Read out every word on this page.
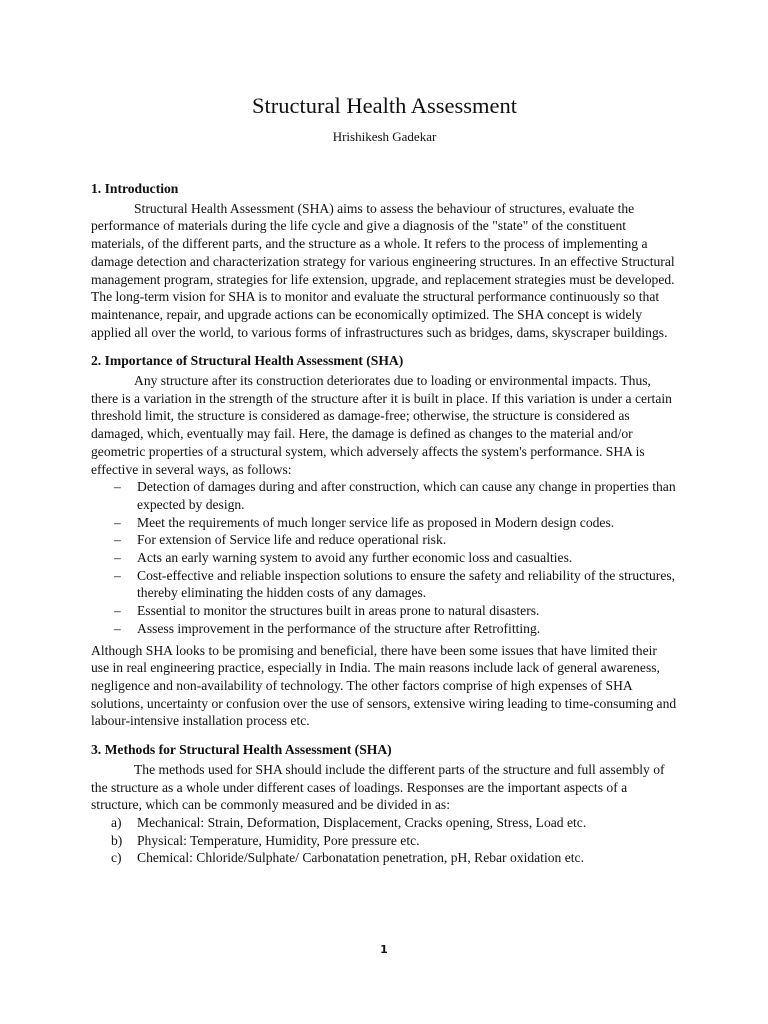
Structural Health Assessment
Hrishikesh Gadekar
1. Introduction

Structural Health Assessment (SHA) aims to assess the behaviour of structures, evaluate the performance of materials during the life cycle and give a diagnosis of the "state" of the constituent materials, of the different parts, and the structure as a whole. It refers to the process of implementing a damage detection and characterization strategy for various engineering structures. In an effective Structural management program, strategies for life extension, upgrade, and replacement strategies must be developed. The long-term vision for SHA is to monitor and evaluate the structural performance continuously so that maintenance, repair, and upgrade actions can be economically optimized. The SHA concept is widely applied all over the world, to various forms of infrastructures such as bridges, dams, skyscraper buildings.

2. Importance of Structural Health Assessment (SHA)

Any structure after its construction deteriorates due to loading or environmental impacts. Thus, there is a variation in the strength of the structure after it is built in place. If this variation is under a certain threshold limit, the structure is considered as damage-free; otherwise, the structure is considered as damaged, which, eventually may fail. Here, the damage is defined as changes to the material and/or geometric properties of a structural system, which adversely affects the system's performance. SHA is effective in several ways, as follows:

– Detection of damages during and after construction, which can cause any change in properties than expected by design.
– Meet the requirements of much longer service life as proposed in Modern design codes.
– For extension of Service life and reduce operational risk.
– Acts an early warning system to avoid any further economic loss and casualties.
– Cost-effective and reliable inspection solutions to ensure the safety and reliability of the structures, thereby eliminating the hidden costs of any damages.
– Essential to monitor the structures built in areas prone to natural disasters.
– Assess improvement in the performance of the structure after Retrofitting.

Although SHA looks to be promising and beneficial, there have been some issues that have limited their use in real engineering practice, especially in India. The main reasons include lack of general awareness, negligence and non-availability of technology. The other factors comprise of high expenses of SHA solutions, uncertainty or confusion over the use of sensors, extensive wiring leading to time-consuming and labour-intensive installation process etc.

3. Methods for Structural Health Assessment (SHA)

The methods used for SHA should include the different parts of the structure and full assembly of the structure as a whole under different cases of loadings. Responses are the important aspects of a structure, which can be commonly measured and be divided in as:

a) Mechanical: Strain, Deformation, Displacement, Cracks opening, Stress, Load etc.
b) Physical: Temperature, Humidity, Pore pressure etc.
c) Chemical: Chloride/Sulphate/ Carbonatation penetration, pH, Rebar oxidation etc.
1
